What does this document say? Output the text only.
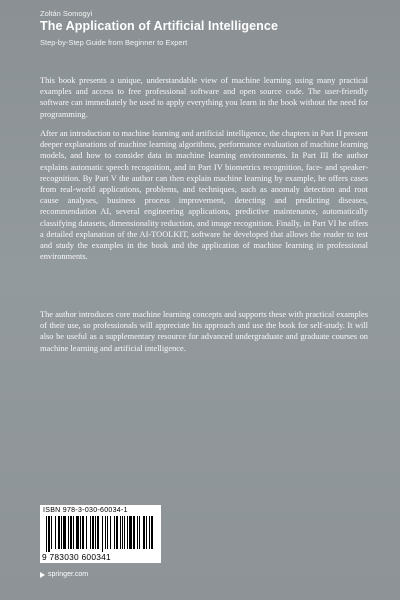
Zoltán Somogyi
The Application of Artificial Intelligence
Step-by-Step Guide from Beginner to Expert

This book presents a unique, understandable view of machine learning using many practical examples and access to free professional software and open source code. The user-friendly software can immediately be used to apply everything you learn in the book without the need for programming.

After an introduction to machine learning and artificial intelligence, the chapters in Part II present deeper explanations of machine learning algorithms, performance evaluation of machine learning models, and how to consider data in machine learning environments. In Part III the author explains automatic speech recognition, and in Part IV biometrics recognition, face- and speaker-recognition. By Part V the author can then explain machine learning by example, he offers cases from real-world applications, problems, and techniques, such as anomaly detection and root cause analyses, business process improvement, detecting and predicting diseases, recommendation AI, several engineering applications, predictive maintenance, automatically classifying datasets, dimensionality reduction, and image recognition. Finally, in Part VI he offers a detailed explanation of the AI-TOOLKIT, software he developed that allows the reader to test and study the examples in the book and the application of machine learning in professional environments.

The author introduces core machine learning concepts and supports these with practical examples of their use, so professionals will appreciate his approach and use the book for self-study. It will also be useful as a supplementary resource for advanced undergraduate and graduate courses on machine learning and artificial intelligence.

ISBN 978-3-030-60034-1
9 783030 600341
springer.com
